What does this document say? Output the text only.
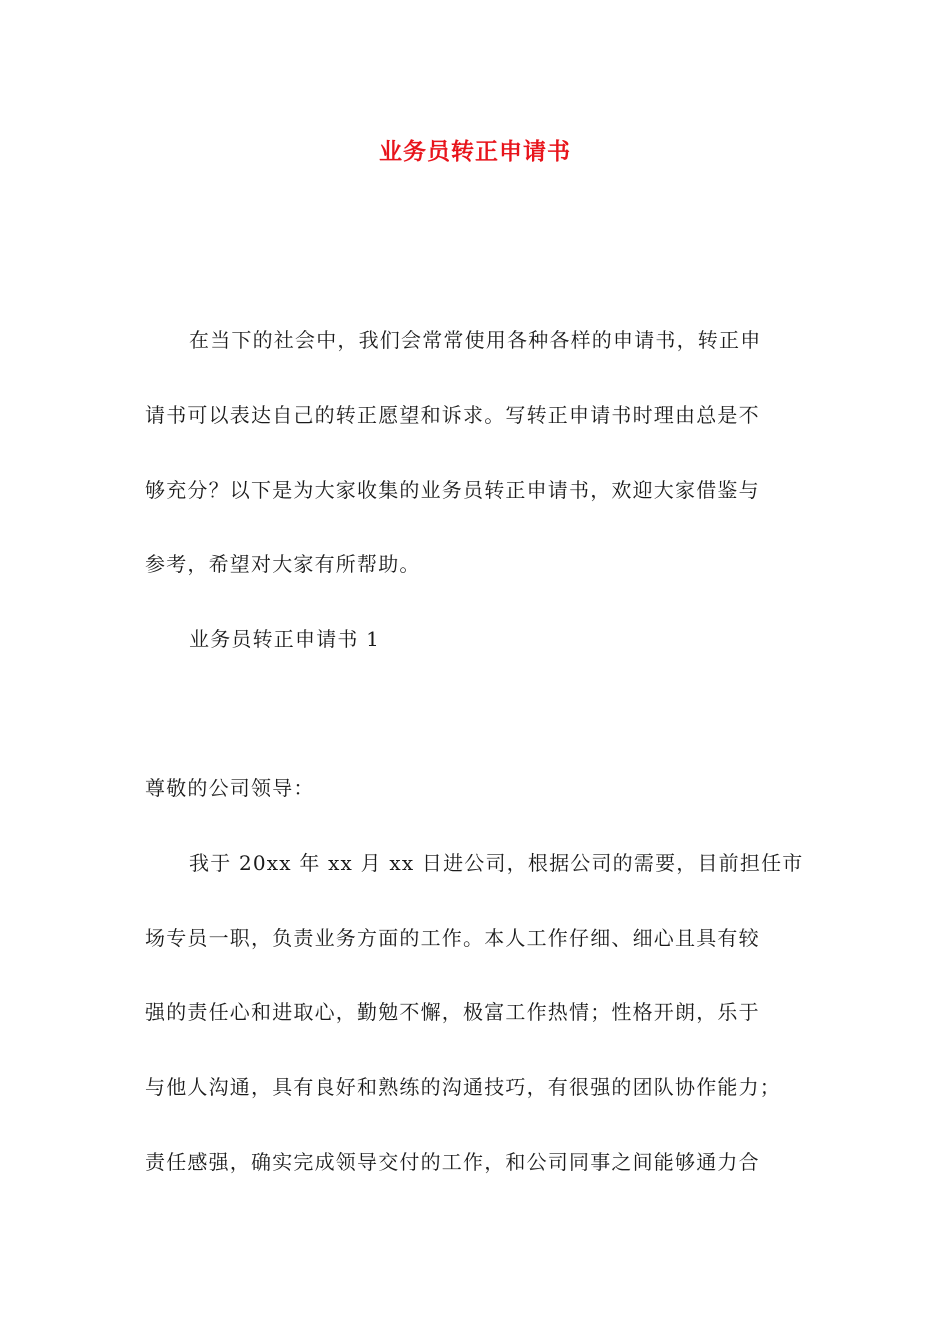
业务员转正申请书
在当下的社会中，我们会常常使用各种各样的申请书，转正申
请书可以表达自己的转正愿望和诉求。写转正申请书时理由总是不
够充分？以下是为大家收集的业务员转正申请书，欢迎大家借鉴与
参考，希望对大家有所帮助。
业务员转正申请书 1
尊敬的公司领导：
我于 20xx 年 xx 月 xx 日进公司，根据公司的需要，目前担任市
场专员一职，负责业务方面的工作。本人工作仔细、细心且具有较
强的责任心和进取心，勤勉不懈，极富工作热情；性格开朗，乐于
与他人沟通，具有良好和熟练的沟通技巧，有很强的团队协作能力；
责任感强，确实完成领导交付的工作，和公司同事之间能够通力合
